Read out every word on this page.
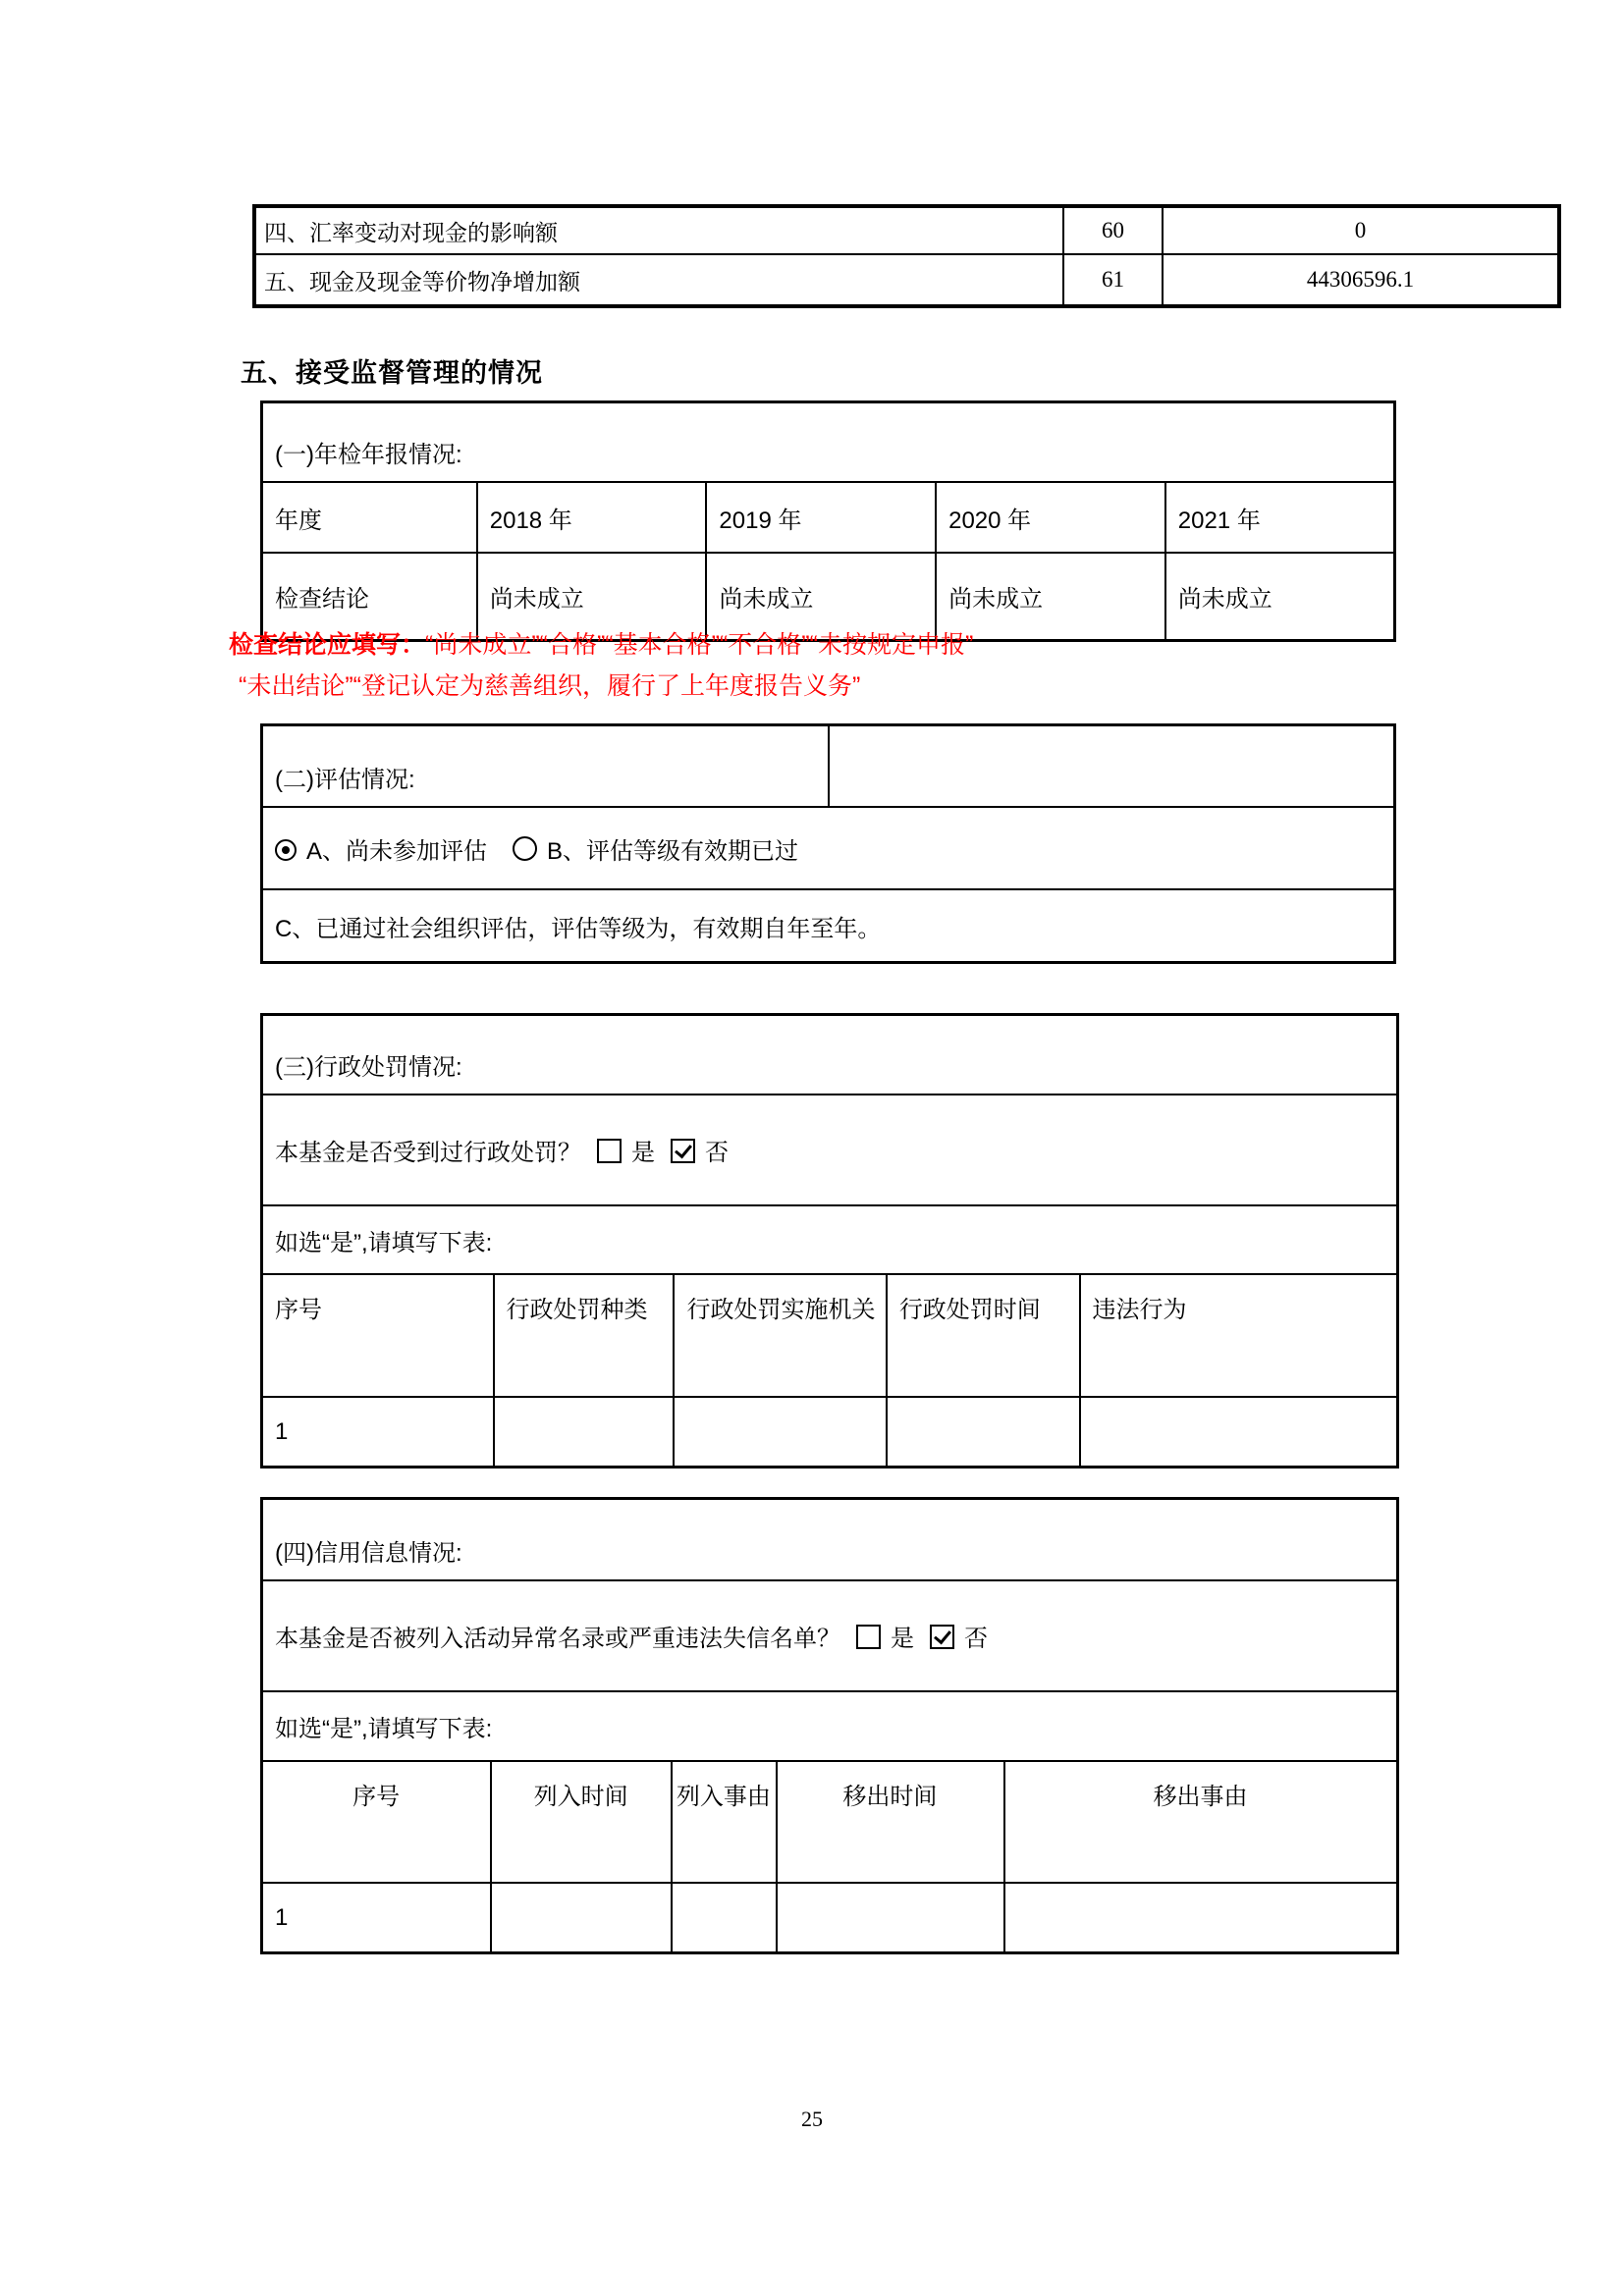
四、汇率变动对现金的影响额	60	0
五、现金及现金等价物净增加额	61	44306596.1
五、接受监督管理的情况
(一)年检年报情况:				
年度	2018 年	2019 年	2020 年	2021 年
检查结论	尚未成立	尚未成立	尚未成立	尚未成立
检查结论应填写：“尚未成立”“合格”“基本合格”“不合格”“未按规定申报”
“未出结论”“登记认定为慈善组织，履行了上年度报告义务”
(二)评估情况:	
A、尚未参加评估	B、评估等级有效期已过
C、已通过社会组织评估，评估等级为，有效期自年至年。
(三)行政处罚情况:				
本基金是否受到过行政处罚？ 是 否				
如选“是”,请填写下表:				
序号	行政处罚种类	行政处罚实施机关	行政处罚时间	违法行为
1				
(四)信用信息情况:				
本基金是否被列入活动异常名录或严重违法失信名单？ 是 否				
如选“是”,请填写下表:				
序号	列入时间	列入事由	移出时间	移出事由
1				
25
